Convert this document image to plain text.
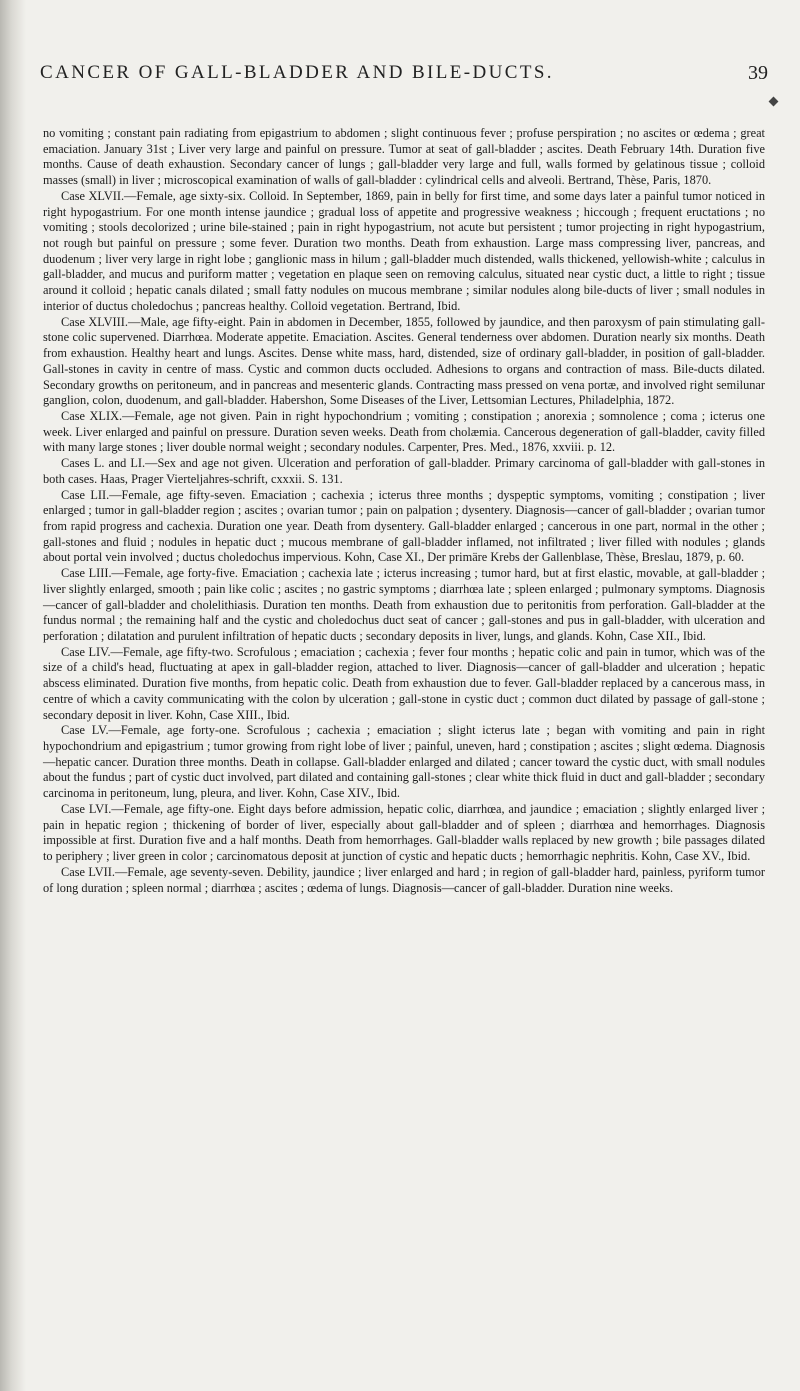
CANCER OF GALL-BLADDER AND BILE-DUCTS.	39

no vomiting ; constant pain radiating from epigastrium to abdomen ; slight continuous fever ; profuse perspiration ; no ascites or œdema ; great emaciation. January 31st ; Liver very large and painful on pressure. Tumor at seat of gall-bladder ; ascites. Death February 14th. Duration five months. Cause of death exhaustion. Secondary cancer of lungs ; gall-bladder very large and full, walls formed by gelatinous tissue ; colloid masses (small) in liver ; microscopical examination of walls of gall-bladder : cylindrical cells and alveoli. Bertrand, Thèse, Paris, 1870.

Case XLVII.—Female, age sixty-six. Colloid. In September, 1869, pain in belly for first time, and some days later a painful tumor noticed in right hypogastrium. For one month intense jaundice ; gradual loss of appetite and progressive weakness ; hiccough ; frequent eructations ; no vomiting ; stools decolorized ; urine bile-stained ; pain in right hypogastrium, not acute but persistent ; tumor projecting in right hypogastrium, not rough but painful on pressure ; some fever. Duration two months. Death from exhaustion. Large mass compressing liver, pancreas, and duodenum ; liver very large in right lobe ; ganglionic mass in hilum ; gall-bladder much distended, walls thickened, yellowish-white ; calculus in gall-bladder, and mucus and puriform matter ; vegetation en plaque seen on removing calculus, situated near cystic duct, a little to right ; tissue around it colloid ; hepatic canals dilated ; small fatty nodules on mucous membrane ; similar nodules along bile-ducts of liver ; small nodules in interior of ductus choledochus ; pancreas healthy. Colloid vegetation. Bertrand, Ibid.

Case XLVIII.—Male, age fifty-eight. Pain in abdomen in December, 1855, followed by jaundice, and then paroxysm of pain stimulating gall-stone colic supervened. Diarrhœa. Moderate appetite. Emaciation. Ascites. General tenderness over abdomen. Duration nearly six months. Death from exhaustion. Healthy heart and lungs. Ascites. Dense white mass, hard, distended, size of ordinary gall-bladder, in position of gall-bladder. Gall-stones in cavity in centre of mass. Cystic and common ducts occluded. Adhesions to organs and contraction of mass. Bile-ducts dilated. Secondary growths on peritoneum, and in pancreas and mesenteric glands. Contracting mass pressed on vena portæ, and involved right semilunar ganglion, colon, duodenum, and gall-bladder. Habershon, Some Diseases of the Liver, Lettsomian Lectures, Philadelphia, 1872.

Case XLIX.—Female, age not given. Pain in right hypochondrium ; vomiting ; constipation ; anorexia ; somnolence ; coma ; icterus one week. Liver enlarged and painful on pressure. Duration seven weeks. Death from cholæmia. Cancerous degeneration of gall-bladder, cavity filled with many large stones ; liver double normal weight ; secondary nodules. Carpenter, Pres. Med., 1876, xxviii. p. 12.

Cases L. and LI.—Sex and age not given. Ulceration and perforation of gall-bladder. Primary carcinoma of gall-bladder with gall-stones in both cases. Haas, Prager Vierteljahres-schrift, cxxxii. S. 131.

Case LII.—Female, age fifty-seven. Emaciation ; cachexia ; icterus three months ; dyspeptic symptoms, vomiting ; constipation ; liver enlarged ; tumor in gall-bladder region ; ascites ; ovarian tumor ; pain on palpation ; dysentery. Diagnosis—cancer of gall-bladder ; ovarian tumor from rapid progress and cachexia. Duration one year. Death from dysentery. Gall-bladder enlarged ; cancerous in one part, normal in the other ; gall-stones and fluid ; nodules in hepatic duct ; mucous membrane of gall-bladder inflamed, not infiltrated ; liver filled with nodules ; glands about portal vein involved ; ductus choledochus impervious. Kohn, Case XI., Der primäre Krebs der Gallenblase, Thèse, Breslau, 1879, p. 60.

Case LIII.—Female, age forty-five. Emaciation ; cachexia late ; icterus increasing ; tumor hard, but at first elastic, movable, at gall-bladder ; liver slightly enlarged, smooth ; pain like colic ; ascites ; no gastric symptoms ; diarrhœa late ; spleen enlarged ; pulmonary symptoms. Diagnosis—cancer of gall-bladder and cholelithiasis. Duration ten months. Death from exhaustion due to peritonitis from perforation. Gall-bladder at the fundus normal ; the remaining half and the cystic and choledochus duct seat of cancer ; gall-stones and pus in gall-bladder, with ulceration and perforation ; dilatation and purulent infiltration of hepatic ducts ; secondary deposits in liver, lungs, and glands. Kohn, Case XII., Ibid.

Case LIV.—Female, age fifty-two. Scrofulous ; emaciation ; cachexia ; fever four months ; hepatic colic and pain in tumor, which was of the size of a child's head, fluctuating at apex in gall-bladder region, attached to liver. Diagnosis—cancer of gall-bladder and ulceration ; hepatic abscess eliminated. Duration five months, from hepatic colic. Death from exhaustion due to fever. Gall-bladder replaced by a cancerous mass, in centre of which a cavity communicating with the colon by ulceration ; gall-stone in cystic duct ; common duct dilated by passage of gall-stone ; secondary deposit in liver. Kohn, Case XIII., Ibid.

Case LV.—Female, age forty-one. Scrofulous ; cachexia ; emaciation ; slight icterus late ; began with vomiting and pain in right hypochondrium and epigastrium ; tumor growing from right lobe of liver ; painful, uneven, hard ; constipation ; ascites ; slight œdema. Diagnosis—hepatic cancer. Duration three months. Death in collapse. Gall-bladder enlarged and dilated ; cancer toward the cystic duct, with small nodules about the fundus ; part of cystic duct involved, part dilated and containing gall-stones ; clear white thick fluid in duct and gall-bladder ; secondary carcinoma in peritoneum, lung, pleura, and liver. Kohn, Case XIV., Ibid.

Case LVI.—Female, age fifty-one. Eight days before admission, hepatic colic, diarrhœa, and jaundice ; emaciation ; slightly enlarged liver ; pain in hepatic region ; thickening of border of liver, especially about gall-bladder and of spleen ; diarrhœa and hemorrhages. Diagnosis impossible at first. Duration five and a half months. Death from hemorrhages. Gall-bladder walls replaced by new growth ; bile passages dilated to periphery ; liver green in color ; carcinomatous deposit at junction of cystic and hepatic ducts ; hemorrhagic nephritis. Kohn, Case XV., Ibid.

Case LVII.—Female, age seventy-seven. Debility, jaundice ; liver enlarged and hard ; in region of gall-bladder hard, painless, pyriform tumor of long duration ; spleen normal ; diarrhœa ; ascites ; œdema of lungs. Diagnosis—cancer of gall-bladder. Duration nine weeks.
